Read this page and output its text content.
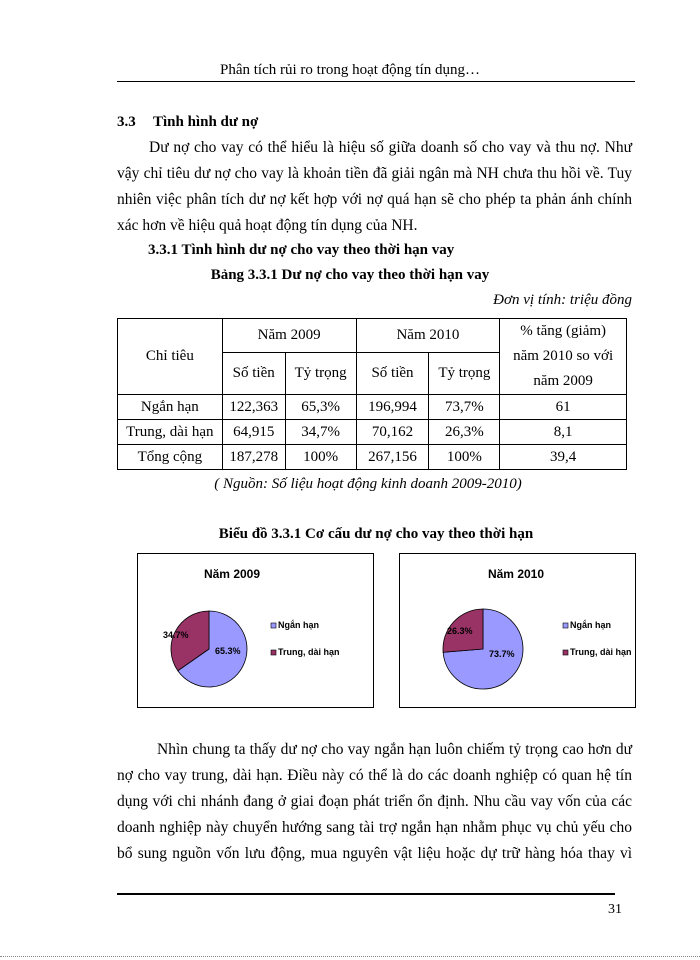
Phân tích rủi ro trong hoạt động tín dụng…
3.3 Tình hình dư nợ
Dư nợ cho vay có thể hiểu là hiệu số giữa doanh số cho vay và thu nợ. Như
vậy chỉ tiêu dư nợ cho vay là khoản tiền đã giải ngân mà NH chưa thu hồi về. Tuy
nhiên việc phân tích dư nợ kết hợp với nợ quá hạn sẽ cho phép ta phản ánh chính
xác hơn về hiệu quả hoạt động tín dụng của NH.
3.3.1 Tình hình dư nợ cho vay theo thời hạn vay
Bảng 3.3.1 Dư nợ cho vay theo thời hạn vay
Đơn vị tính: triệu đồng
Chỉ tiêu	Năm 2009		Năm 2010		% tăng (giảm)
năm 2010 so với
năm 2009

	Số tiền	Tỷ trọng	Số tiền	Tỷ trọng	
Ngắn hạn	122,363	65,3%	196,994	73,7%	61
Trung, dài hạn	64,915	34,7%	70,162	26,3%	8,1
Tổng cộng	187,278	100%	267,156	100%	39,4
( Nguồn: Số liệu hoạt động kinh doanh 2009-2010)
Biểu đồ 3.3.1 Cơ cấu dư nợ cho vay theo thời hạn
Năm 2009
65.3%
34.7%
Ngắn hạn
Trung, dài hạn
Năm 2010
73.7%
26.3%
Ngắn hạn
Trung, dài hạn
Nhìn chung ta thấy dư nợ cho vay ngắn hạn luôn chiếm tỷ trọng cao hơn dư
nợ cho vay trung, dài hạn. Điều này có thể là do các doanh nghiệp có quan hệ tín
dụng với chi nhánh đang ở giai đoạn phát triển ổn định. Nhu cầu vay vốn của các
doanh nghiệp này chuyển hướng sang tài trợ ngắn hạn nhằm phục vụ chủ yếu cho
bổ sung nguồn vốn lưu động, mua nguyên vật liệu hoặc dự trữ hàng hóa thay vì
31
